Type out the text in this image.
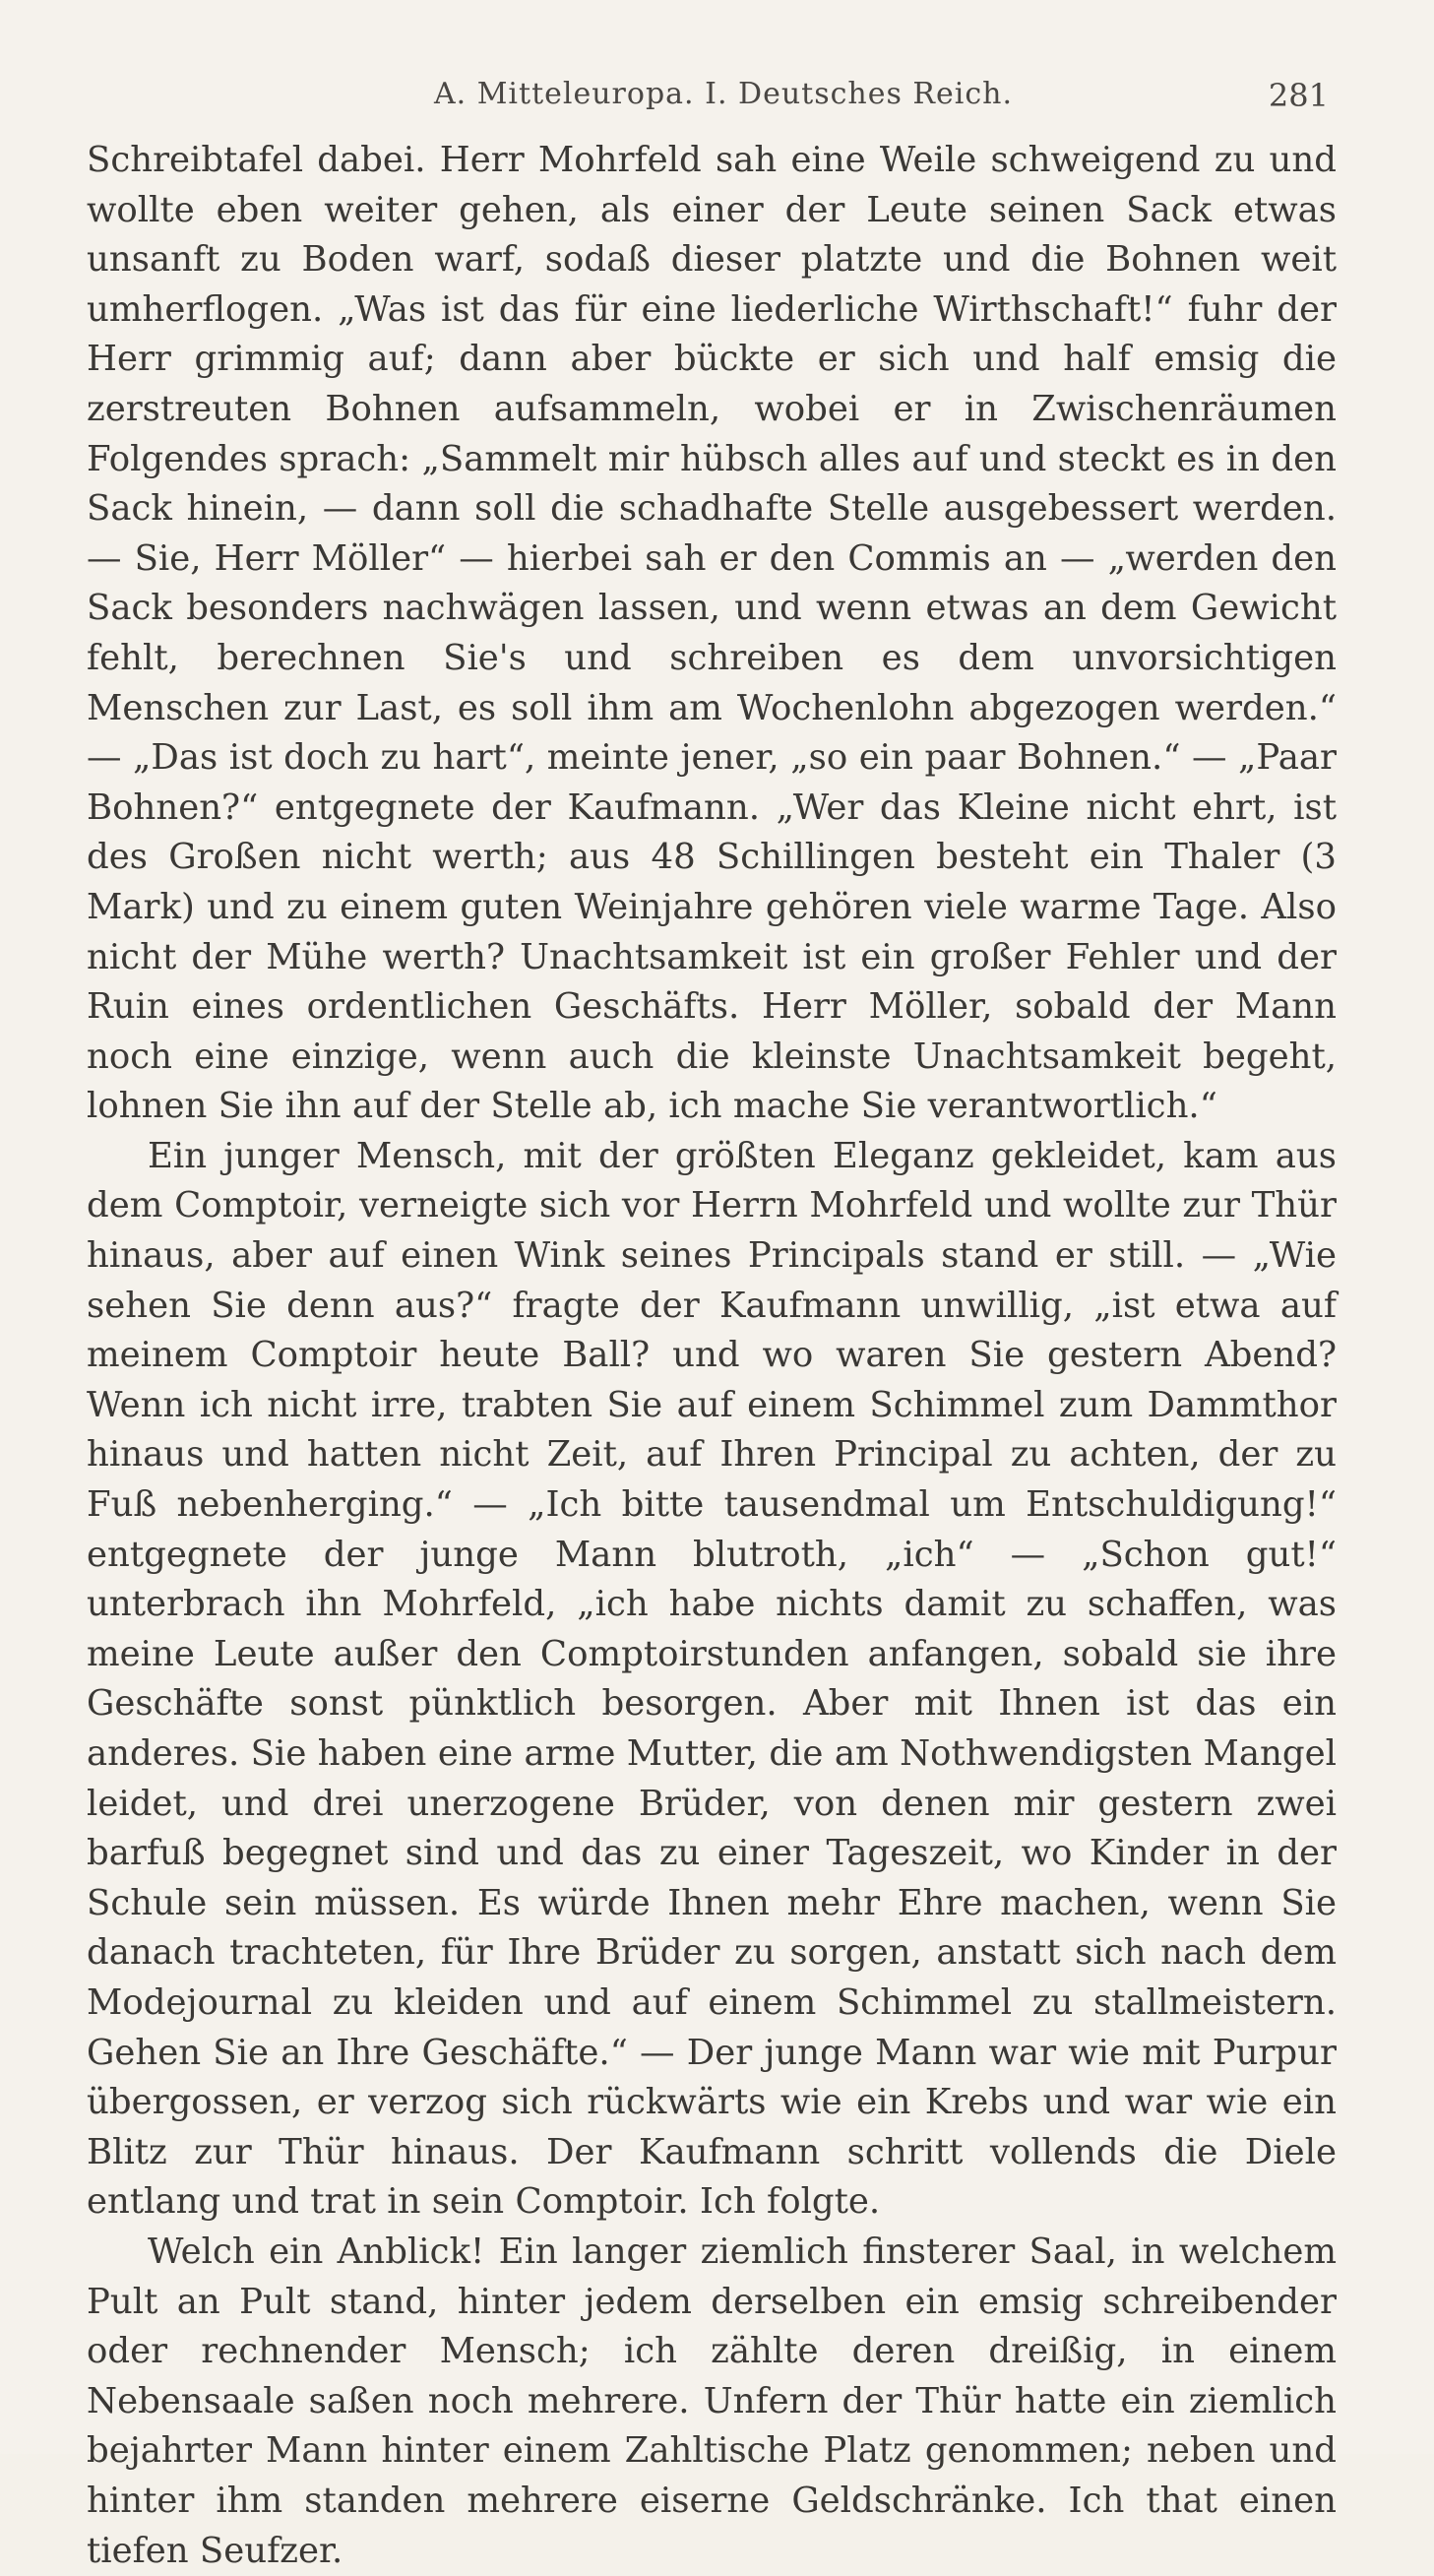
A. Mitteleuropa. I. Deutsches Reich.	281

Schreibtafel dabei. Herr Mohrfeld sah eine Weile schweigend zu und wollte eben weiter gehen, als einer der Leute seinen Sack etwas unsanft zu Boden warf, sodaß dieser platzte und die Bohnen weit umherflogen. „Was ist das für eine liederliche Wirthschaft!“ fuhr der Herr grimmig auf; dann aber bückte er sich und half emsig die zerstreuten Bohnen aufsammeln, wobei er in Zwischenräumen Folgendes sprach: „Sammelt mir hübsch alles auf und steckt es in den Sack hinein, — dann soll die schadhafte Stelle ausgebessert werden. — Sie, Herr Möller“ — hierbei sah er den Commis an — „werden den Sack besonders nachwägen lassen, und wenn etwas an dem Gewicht fehlt, berechnen Sie's und schreiben es dem unvorsichtigen Menschen zur Last, es soll ihm am Wochenlohn abgezogen werden.“ — „Das ist doch zu hart“, meinte jener, „so ein paar Bohnen.“ — „Paar Bohnen?“ entgegnete der Kaufmann. „Wer das Kleine nicht ehrt, ist des Großen nicht werth; aus 48 Schillingen besteht ein Thaler (3 Mark) und zu einem guten Weinjahre gehören viele warme Tage. Also nicht der Mühe werth? Unachtsamkeit ist ein großer Fehler und der Ruin eines ordentlichen Geschäfts. Herr Möller, sobald der Mann noch eine einzige, wenn auch die kleinste Unachtsamkeit begeht, lohnen Sie ihn auf der Stelle ab, ich mache Sie verantwortlich.“

Ein junger Mensch, mit der größten Eleganz gekleidet, kam aus dem Comptoir, verneigte sich vor Herrn Mohrfeld und wollte zur Thür hinaus, aber auf einen Wink seines Principals stand er still. — „Wie sehen Sie denn aus?“ fragte der Kaufmann unwillig, „ist etwa auf meinem Comptoir heute Ball? und wo waren Sie gestern Abend? Wenn ich nicht irre, trabten Sie auf einem Schimmel zum Dammthor hinaus und hatten nicht Zeit, auf Ihren Principal zu achten, der zu Fuß nebenherging.“ — „Ich bitte tausendmal um Entschuldigung!“ entgegnete der junge Mann blutroth, „ich“ — „Schon gut!“ unterbrach ihn Mohrfeld, „ich habe nichts damit zu schaffen, was meine Leute außer den Comptoirstunden anfangen, sobald sie ihre Geschäfte sonst pünktlich besorgen. Aber mit Ihnen ist das ein anderes. Sie haben eine arme Mutter, die am Nothwendigsten Mangel leidet, und drei unerzogene Brüder, von denen mir gestern zwei barfuß begegnet sind und das zu einer Tageszeit, wo Kinder in der Schule sein müssen. Es würde Ihnen mehr Ehre machen, wenn Sie danach trachteten, für Ihre Brüder zu sorgen, anstatt sich nach dem Modejournal zu kleiden und auf einem Schimmel zu stallmeistern. Gehen Sie an Ihre Geschäfte.“ — Der junge Mann war wie mit Purpur übergossen, er verzog sich rückwärts wie ein Krebs und war wie ein Blitz zur Thür hinaus. Der Kaufmann schritt vollends die Diele entlang und trat in sein Comptoir. Ich folgte.

Welch ein Anblick! Ein langer ziemlich finsterer Saal, in welchem Pult an Pult stand, hinter jedem derselben ein emsig schreibender oder rechnender Mensch; ich zählte deren dreißig, in einem Nebensaale saßen noch mehrere. Unfern der Thür hatte ein ziemlich bejahrter Mann hinter einem Zahltische Platz genommen; neben und hinter ihm standen mehrere eiserne Geldschränke. Ich that einen tiefen Seufzer.
